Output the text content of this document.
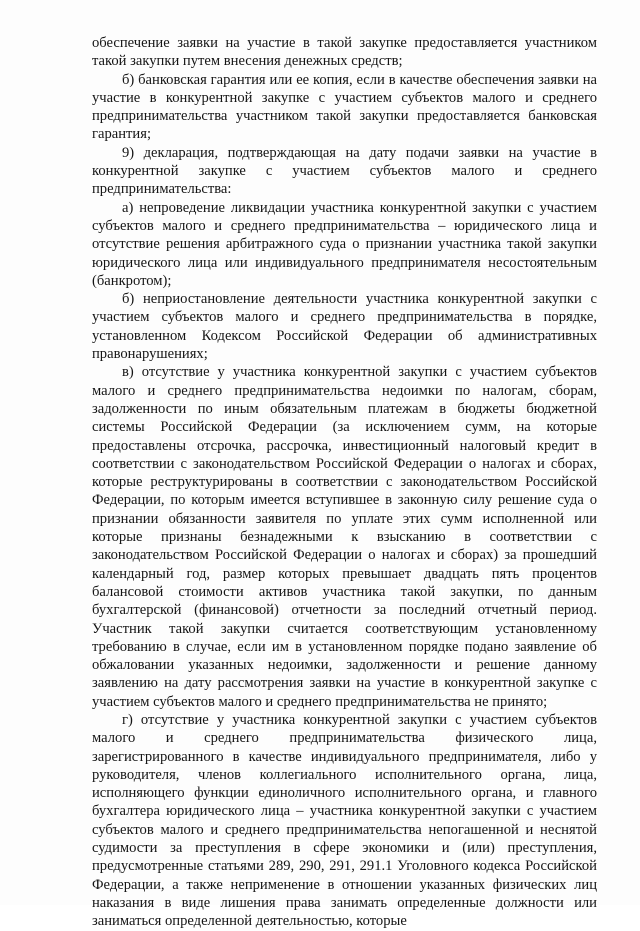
обеспечение заявки на участие в такой закупке предоставляется участником такой закупки путем внесения денежных средств;

б) банковская гарантия или ее копия, если в качестве обеспечения заявки на участие в конкурентной закупке с участием субъектов малого и среднего предпринимательства участником такой закупки предоставляется банковская гарантия;

9) декларация, подтверждающая на дату подачи заявки на участие в конкурентной закупке с участием субъектов малого и среднего предпринимательства:

а) непроведение ликвидации участника конкурентной закупки с участием субъектов малого и среднего предпринимательства – юридического лица и отсутствие решения арбитражного суда о признании участника такой закупки юридического лица или индивидуального предпринимателя несостоятельным (банкротом);

б) неприостановление деятельности участника конкурентной закупки с участием субъектов малого и среднего предпринимательства в порядке, установленном Кодексом Российской Федерации об административных правонарушениях;

в) отсутствие у участника конкурентной закупки с участием субъектов малого и среднего предпринимательства недоимки по налогам, сборам, задолженности по иным обязательным платежам в бюджеты бюджетной системы Российской Федерации (за исключением сумм, на которые предоставлены отсрочка, рассрочка, инвестиционный налоговый кредит в соответствии с законодательством Российской Федерации о налогах и сборах, которые реструктурированы в соответствии с законодательством Российской Федерации, по которым имеется вступившее в законную силу решение суда о признании обязанности заявителя по уплате этих сумм исполненной или которые признаны безнадежными к взысканию в соответствии с законодательством Российской Федерации о налогах и сборах) за прошедший календарный год, размер которых превышает двадцать пять процентов балансовой стоимости активов участника такой закупки, по данным бухгалтерской (финансовой) отчетности за последний отчетный период. Участник такой закупки считается соответствующим установленному требованию в случае, если им в установленном порядке подано заявление об обжаловании указанных недоимки, задолженности и решение данному заявлению на дату рассмотрения заявки на участие в конкурентной закупке с участием субъектов малого и среднего предпринимательства не принято;

г) отсутствие у участника конкурентной закупки с участием субъектов малого и среднего предпринимательства физического лица, зарегистрированного в качестве индивидуального предпринимателя, либо у руководителя, членов коллегиального исполнительного органа, лица, исполняющего функции единоличного исполнительного органа, и главного бухгалтера юридического лица – участника конкурентной закупки с участием субъектов малого и среднего предпринимательства непогашенной и неснятой судимости за преступления в сфере экономики и (или) преступления, предусмотренные статьями 289, 290, 291, 291.1 Уголовного кодекса Российской Федерации, а также неприменение в отношении указанных физических лиц наказания в виде лишения права занимать определенные должности или заниматься определенной деятельностью, которые
